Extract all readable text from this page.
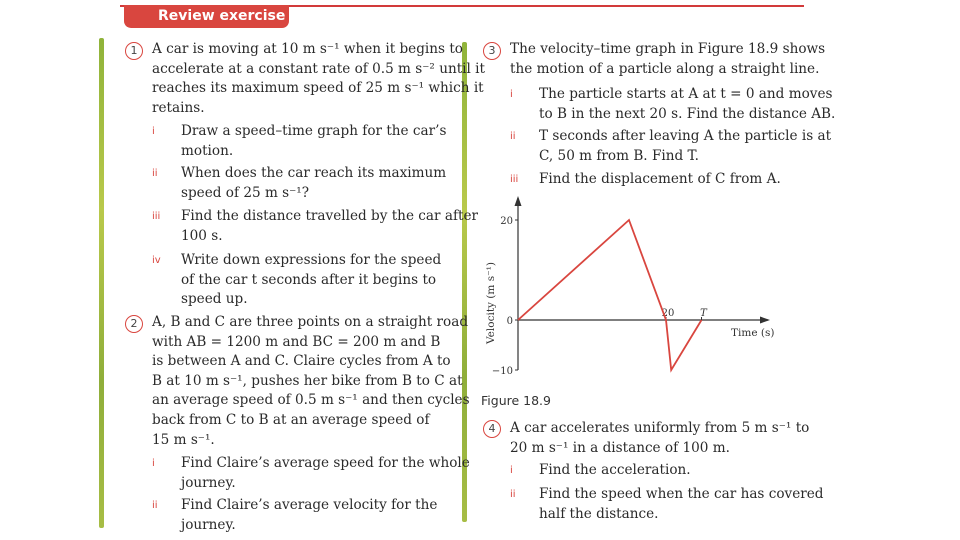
Review exercise
1	A car is moving at 10 m s⁻¹ when it begins to
accelerate at a constant rate of 0.5 m s⁻² until it
reaches its maximum speed of 25 m s⁻¹ which it
retains.
i Draw a speed–time graph for the car’s
motion.
ii When does the car reach its maximum
speed of 25 m s⁻¹?
iii Find the distance travelled by the car after
100 s.
iv Write down expressions for the speed
of the car t seconds after it begins to
speed up.
2	A, B and C are three points on a straight road
with AB = 1200 m and BC = 200 m and B
is between A and C. Claire cycles from A to
B at 10 m s⁻¹, pushes her bike from B to C at
an average speed of 0.5 m s⁻¹ and then cycles
back from C to B at an average speed of
15 m s⁻¹.
i Find Claire’s average speed for the whole
journey.
ii Find Claire’s average velocity for the
journey.
3	The velocity–time graph in Figure 18.9 shows
the motion of a particle along a straight line.
i The particle starts at A at t = 0 and moves
to B in the next 20 s. Find the distance AB.
ii T seconds after leaving A the particle is at
C, 50 m from B. Find T.
iii Find the displacement of C from A.
20
0
−10
20	T
Velocity (m s⁻¹)	Time (s)
Figure 18.9
4	A car accelerates uniformly from 5 m s⁻¹ to
20 m s⁻¹ in a distance of 100 m.
i Find the acceleration.
ii Find the speed when the car has covered
half the distance.
